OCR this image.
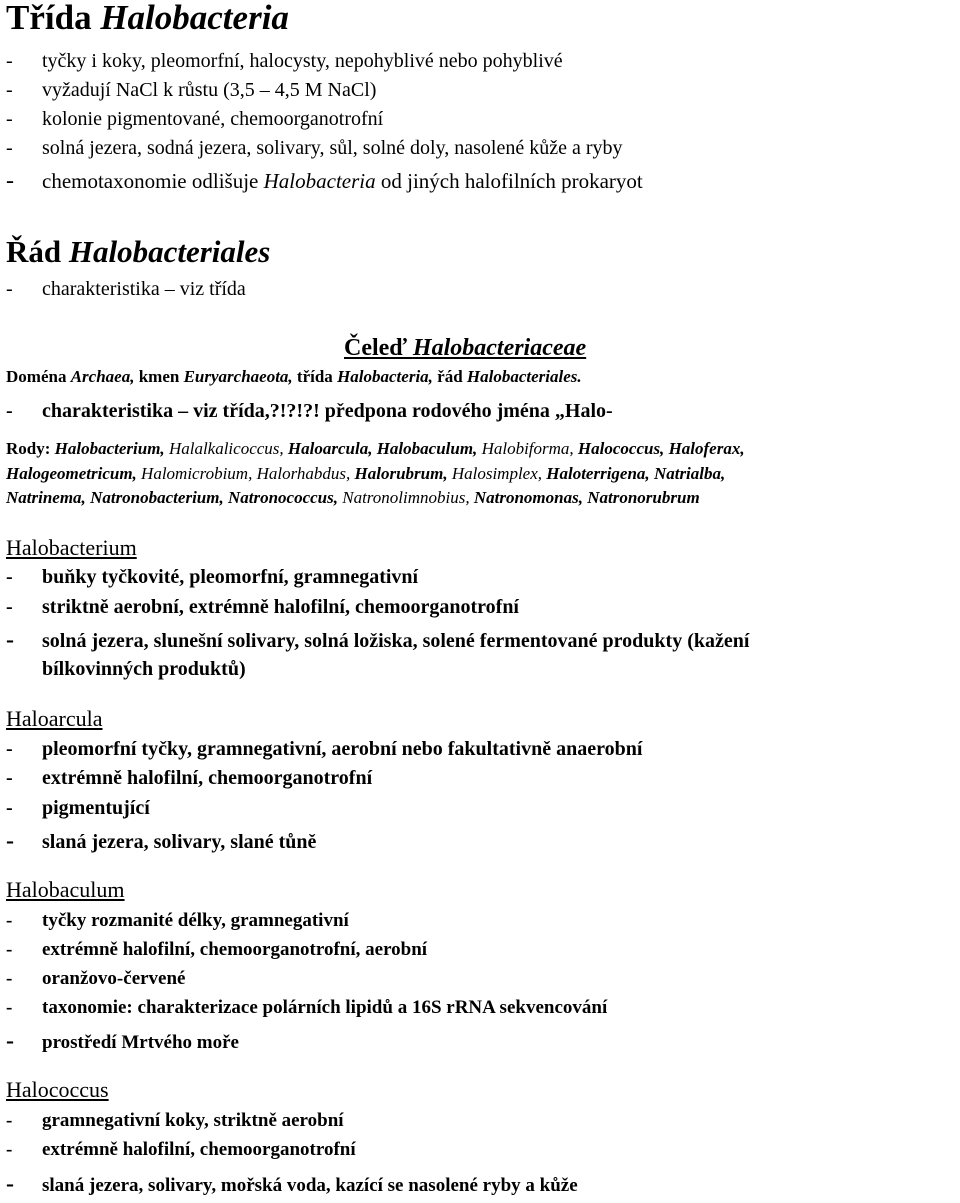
Třída Halobacteria
- tyčky i koky, pleomorfní, halocysty, nepohyblivé nebo pohyblivé
- vyžadují NaCl k růstu (3,5 – 4,5 M NaCl)
- kolonie pigmentované, chemoorganotrofní
- solná jezera, sodná jezera, solivary, sůl, solné doly, nasolené kůže a ryby
- chemotaxonomie odlišuje Halobacteria od jiných halofilních prokaryot
Řád Halobacteriales
- charakteristika – viz třída
Čeleď Halobacteriaceae
Doména Archaea, kmen Euryarchaeota, třída Halobacteria, řád Halobacteriales.
- charakteristika – viz třída,?!?!?! předpona rodového jména „Halo-
Rody: Halobacterium, Halalkalicoccus, Haloarcula, Halobaculum, Halobiforma, Halococcus, Haloferax,
Halogeometricum, Halomicrobium, Halorhabdus, Halorubrum, Halosimplex, Haloterrigena, Natrialba,
Natrinema, Natronobacterium, Natronococcus, Natronolimnobius, Natronomonas, Natronorubrum
Halobacterium
- buňky tyčkovité, pleomorfní, gramnegativní
- striktně aerobní, extrémně halofilní, chemoorganotrofní
- solná jezera, slunešní solivary, solná ložiska, solené fermentované produkty (kažení
bílkovinných produktů)
Haloarcula
- pleomorfní tyčky, gramnegativní, aerobní nebo fakultativně anaerobní
- extrémně halofilní, chemoorganotrofní
- pigmentující
- slaná jezera, solivary, slané tůně
Halobaculum
- tyčky rozmanité délky, gramnegativní
- extrémně halofilní, chemoorganotrofní, aerobní
- oranžovo-červené
- taxonomie: charakterizace polárních lipidů a 16S rRNA sekvencování
- prostředí Mrtvého moře
Halococcus
- gramnegativní koky, striktně aerobní
- extrémně halofilní, chemoorganotrofní
- slaná jezera, solivary, mořská voda, kazící se nasolené ryby a kůže
